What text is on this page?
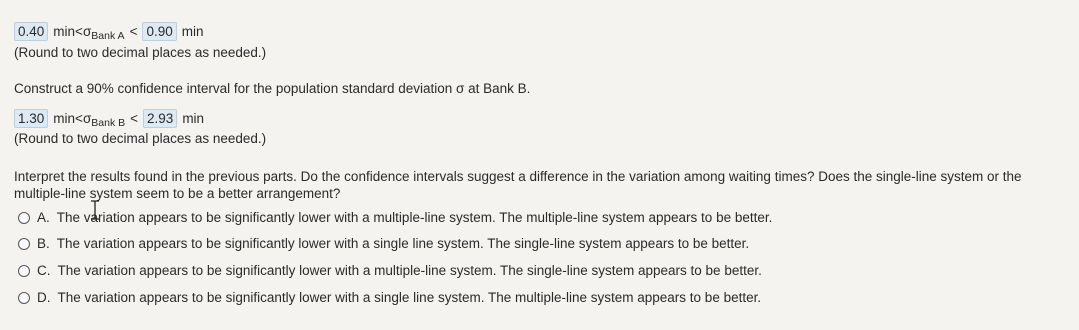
0.40 min < σ Bank A < 0.90 min
(Round to two decimal places as needed.)
Construct a 90% confidence interval for the population standard deviation σ at Bank B.
1.30 min < σ Bank B < 2.93 min
(Round to two decimal places as needed.)
Interpret the results found in the previous parts. Do the confidence intervals suggest a difference in the variation among waiting times? Does the single-line system or the multiple-line system seem to be a better arrangement?
A. The variation appears to be significantly lower with a multiple-line system. The multiple-line system appears to be better.
B. The variation appears to be significantly lower with a single line system. The single-line system appears to be better.
C. The variation appears to be significantly lower with a multiple-line system. The single-line system appears to be better.
D. The variation appears to be significantly lower with a single line system. The multiple-line system appears to be better.
